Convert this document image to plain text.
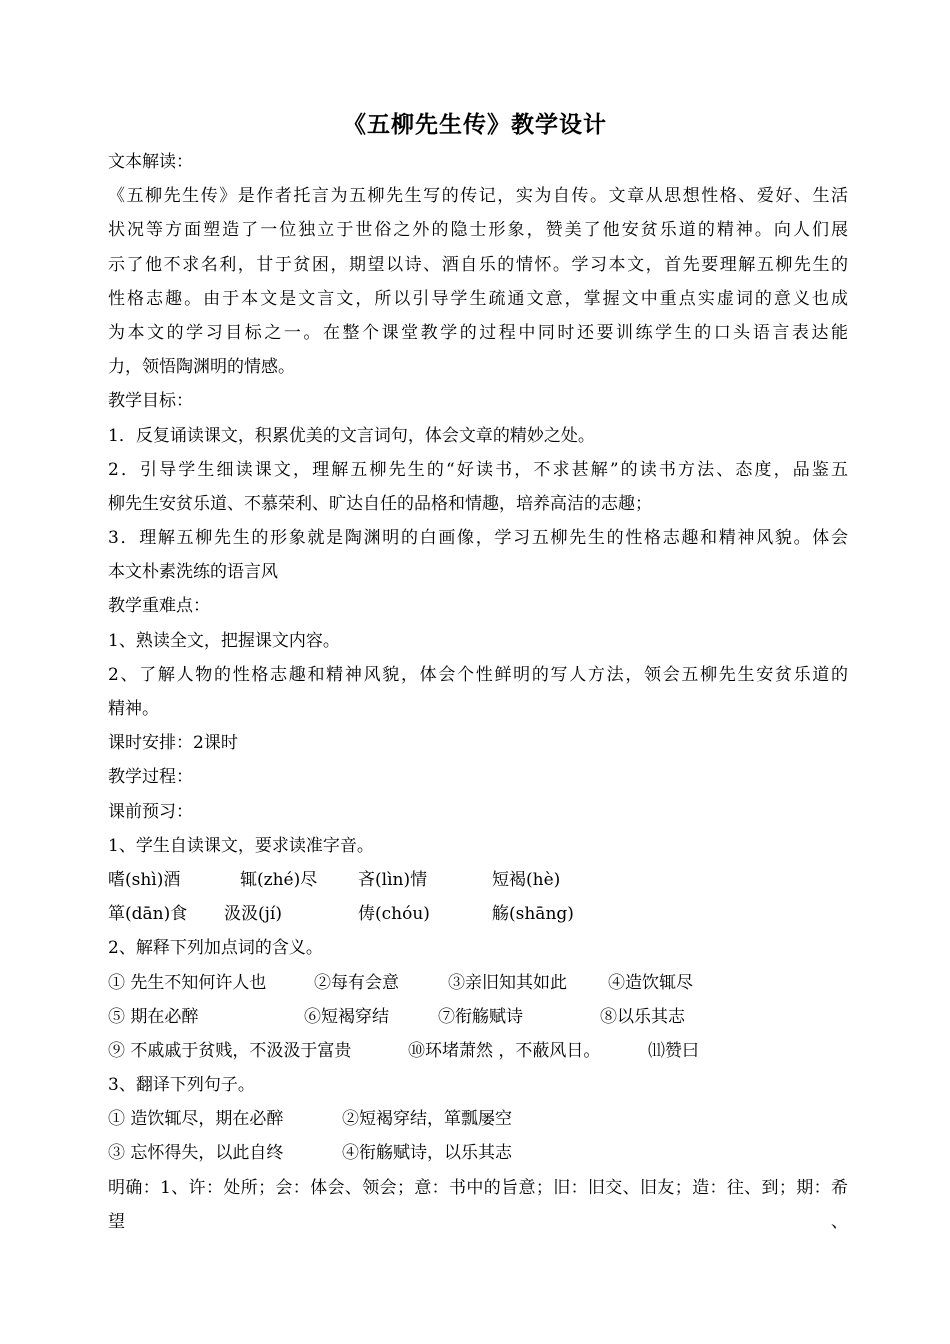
《五柳先生传》教学设计
文本解读：
《五柳先生传》是作者托言为五柳先生写的传记，实为自传。文章从思想性格、爱好、生活
状况等方面塑造了一位独立于世俗之外的隐士形象，赞美了他安贫乐道的精神。向人们展
示了他不求名利，甘于贫困，期望以诗、酒自乐的情怀。学习本文，首先要理解五柳先生的
性格志趣。由于本文是文言文，所以引导学生疏通文意，掌握文中重点实虚词的意义也成
为本文的学习目标之一。在整个课堂教学的过程中同时还要训练学生的口头语言表达能
力，领悟陶渊明的情感。
教学目标：
1．反复诵读课文，积累优美的文言词句，体会文章的精妙之处。
2．引导学生细读课文，理解五柳先生的“好读书，不求甚解”的读书方法、态度，品鉴五
柳先生安贫乐道、不慕荣利、旷达自任的品格和情趣，培养高洁的志趣；
3．理解五柳先生的形象就是陶渊明的白画像，学习五柳先生的性格志趣和精神风貌。体会
本文朴素洗练的语言风
教学重难点：
1、熟读全文，把握课文内容。
2、了解人物的性格志趣和精神风貌，体会个性鲜明的写人方法，领会五柳先生安贫乐道的
精神。
课时安排：2课时
教学过程：
课前预习：
1、学生自读课文，要求读准字音。
嗜(shì)酒	辄(zhé)尽 吝(lìn)情	短褐(hè)
箪(dān)食 汲汲(jí)	俦(chóu)	觞(shāng)
2、解释下列加点词的含义。
① 先生不知何许人也	②每有会意	③亲旧知其如此 ④造饮辄尽
⑤ 期在必醉	⑥短褐穿结	⑦衔觞赋诗	⑧以乐其志
⑨ 不戚戚于贫贱，不汲汲于富贵	⑩环堵萧然 ，不蔽风日。	⑾赞曰
3、翻译下列句子。
① 造饮辄尽，期在必醉	②短褐穿结，箪瓢屡空
③ 忘怀得失，以此自终	④衔觞赋诗，以乐其志
明确：1、许：处所；会：体会、领会；意：书中的旨意；旧：旧交、旧友；造：往、到；期：希望、
